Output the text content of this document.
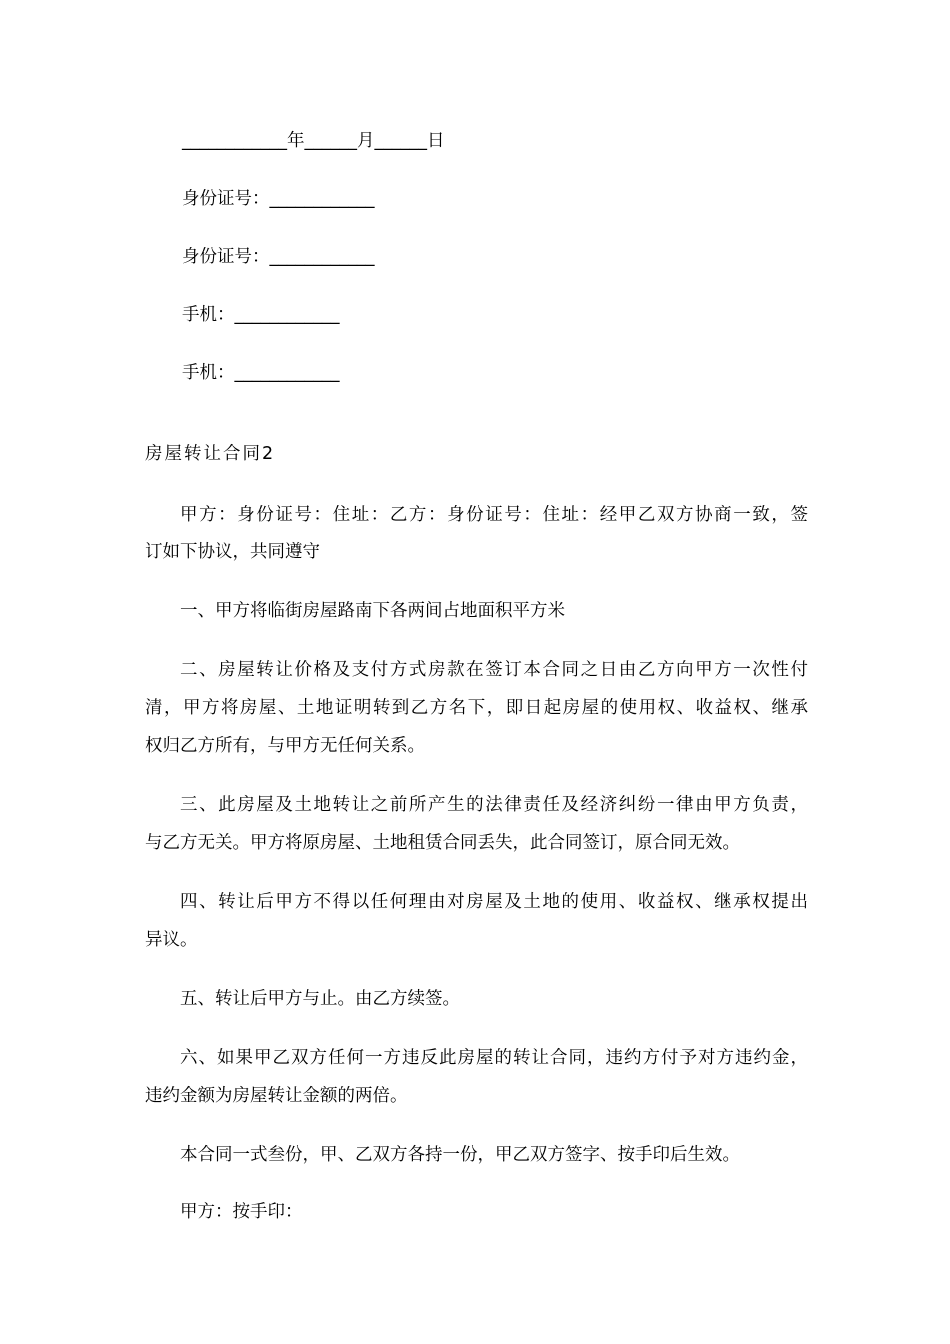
____________年______月______日
身份证号：____________
身份证号：____________
手机：____________
手机：____________
房屋转让合同2
甲方：身份证号：住址：乙方：身份证号：住址：经甲乙双方协商一致，签
订如下协议，共同遵守
一、甲方将临街房屋路南下各两间占地面积平方米
二、房屋转让价格及支付方式房款在签订本合同之日由乙方向甲方一次性付
清，甲方将房屋、土地证明转到乙方名下，即日起房屋的使用权、收益权、继承
权归乙方所有，与甲方无任何关系。
三、此房屋及土地转让之前所产生的法律责任及经济纠纷一律由甲方负责，
与乙方无关。甲方将原房屋、土地租赁合同丢失，此合同签订，原合同无效。
四、转让后甲方不得以任何理由对房屋及土地的使用、收益权、继承权提出
异议。
五、转让后甲方与止。由乙方续签。
六、如果甲乙双方任何一方违反此房屋的转让合同，违约方付予对方违约金，
违约金额为房屋转让金额的两倍。
本合同一式叁份，甲、乙双方各持一份，甲乙双方签字、按手印后生效。
甲方：按手印：
